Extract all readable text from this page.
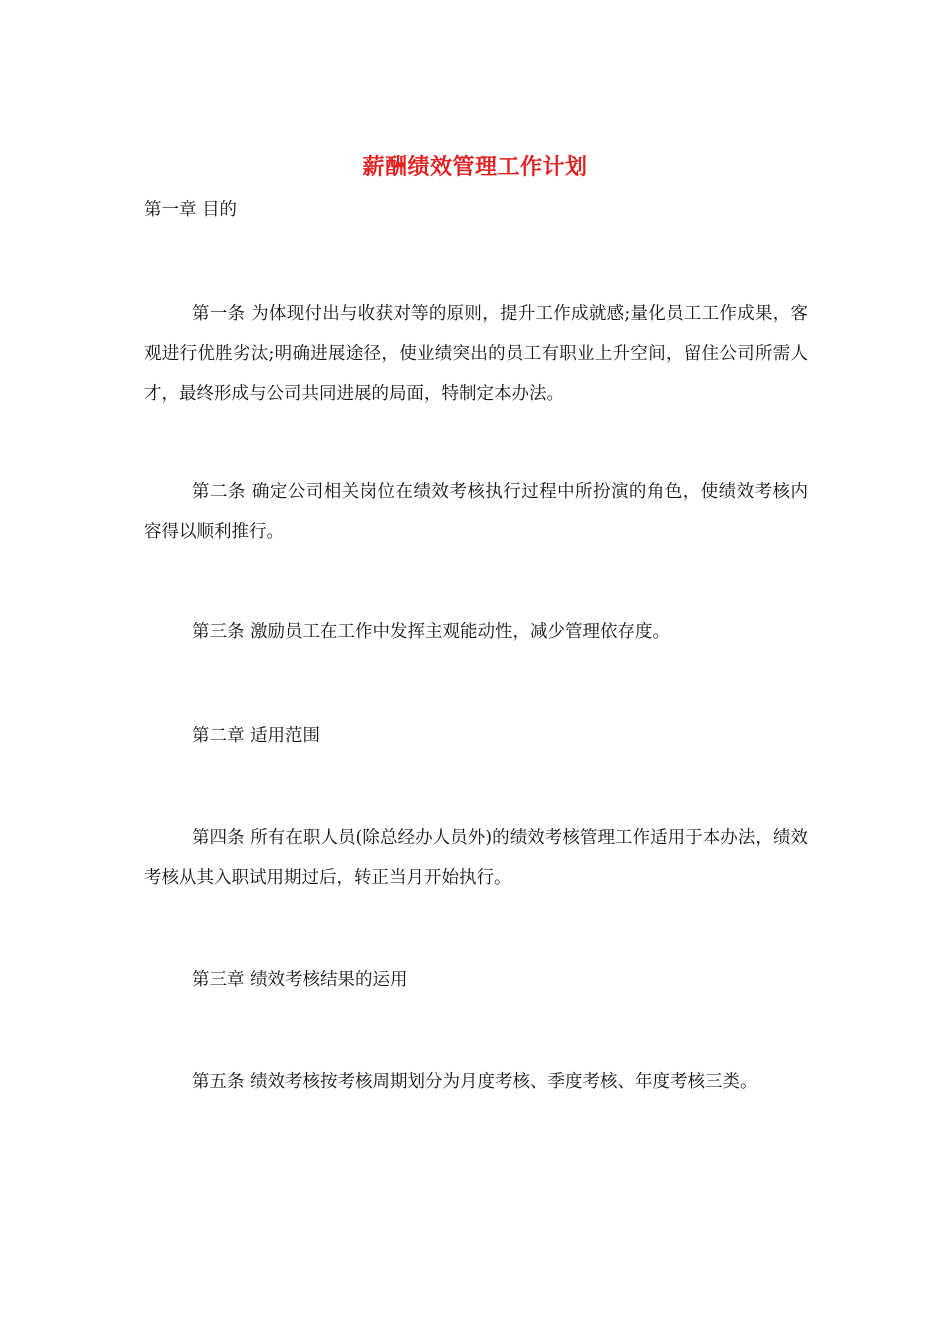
薪酬绩效管理工作计划
第一章 目的
第一条 为体现付出与收获对等的原则，提升工作成就感;量化员工工作成果，客观进行优胜劣汰;明确进展途径，使业绩突出的员工有职业上升空间，留住公司所需人才，最终形成与公司共同进展的局面，特制定本办法。
第二条 确定公司相关岗位在绩效考核执行过程中所扮演的角色，使绩效考核内容得以顺利推行。
第三条 激励员工在工作中发挥主观能动性，减少管理依存度。
第二章 适用范围
第四条 所有在职人员(除总经办人员外)的绩效考核管理工作适用于本办法，绩效考核从其入职试用期过后，转正当月开始执行。
第三章 绩效考核结果的运用
第五条 绩效考核按考核周期划分为月度考核、季度考核、年度考核三类。
